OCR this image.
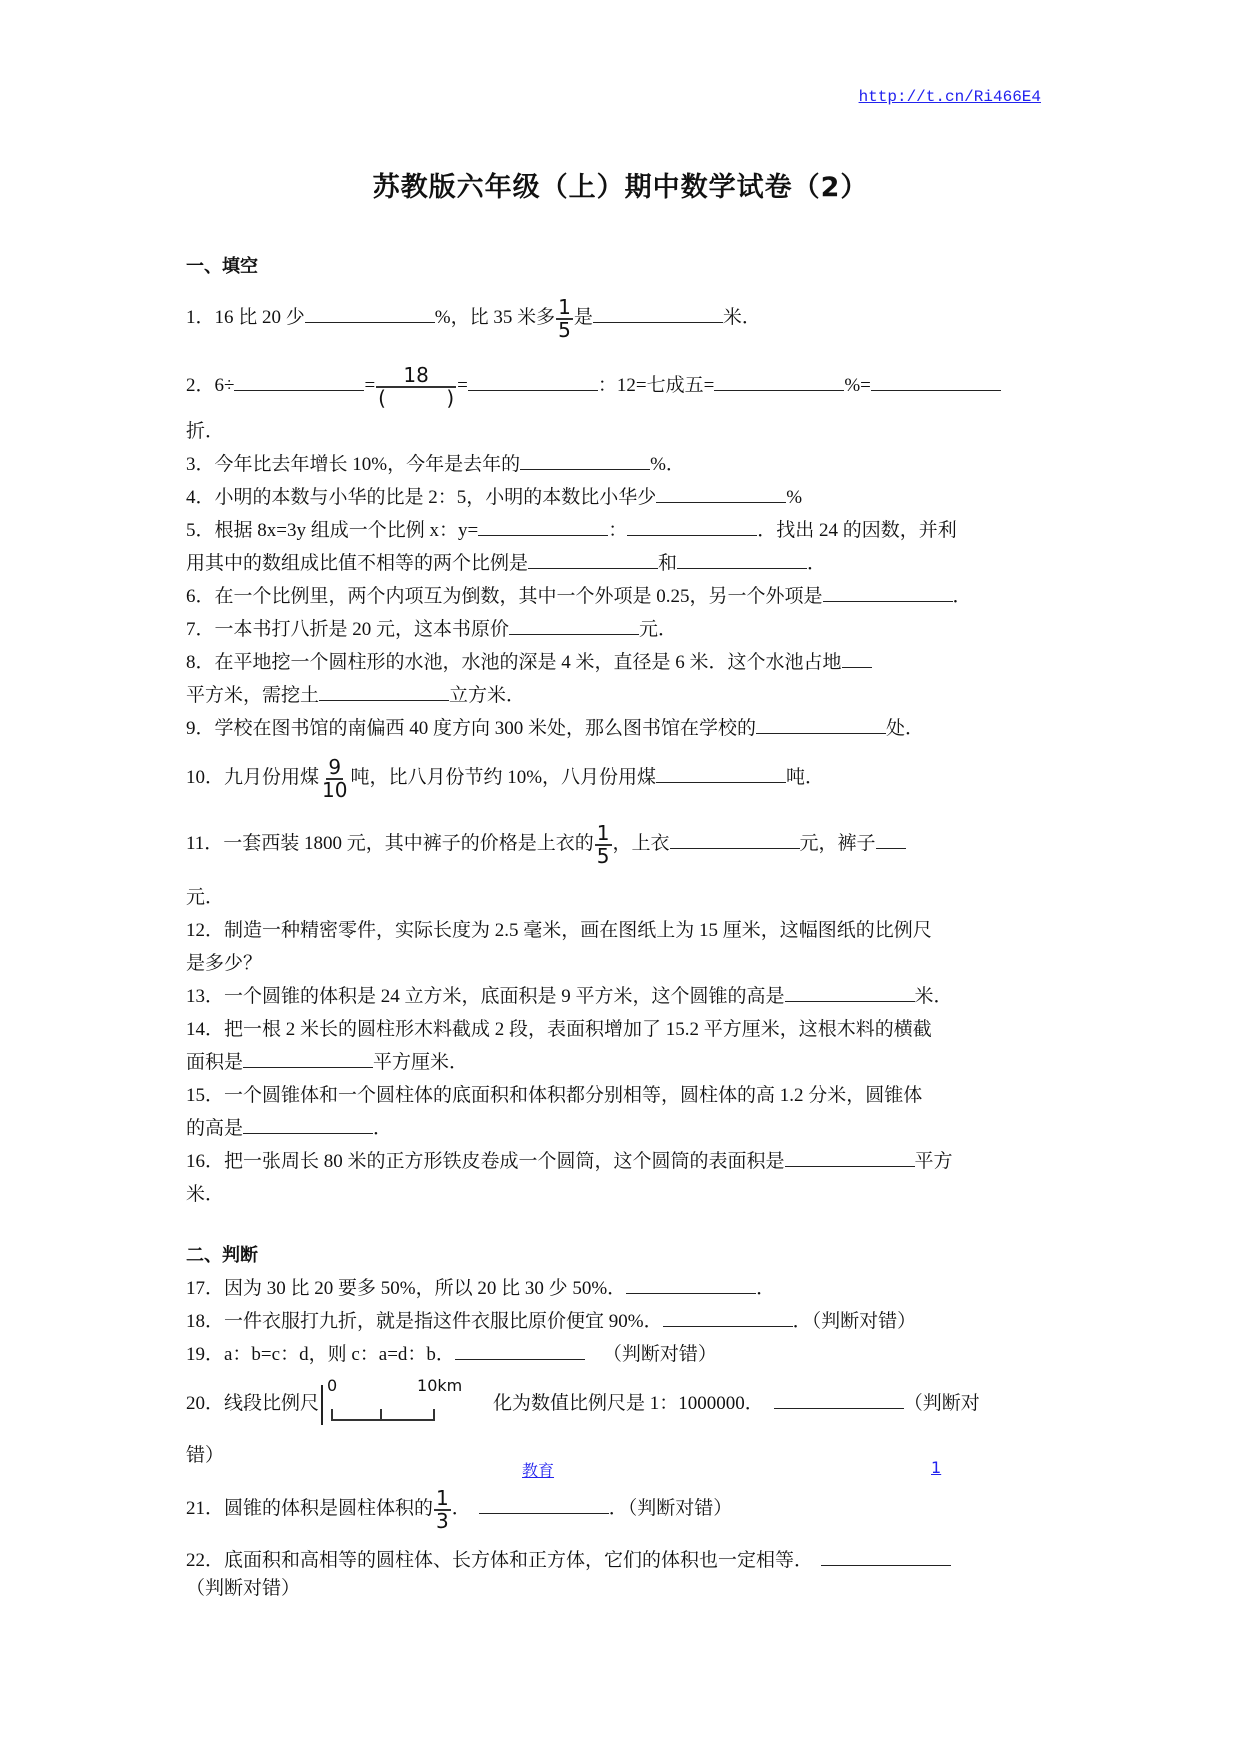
http://t.cn/Ri466E4
苏教版六年级（上）期中数学试卷（2）
一、填空
1．16 比 20 少	%，比 35 米多 $\frac{1}{5}$ 是	米．
2．6÷	= 18
(	) =	：12=七成五=	%=
折．
3．今年比去年增长 10%，今年是去年的	%．
4．小明的本数与小华的比是 2：5，小明的本数比小华少	%
5．根据 8x=3y 组成一个比例 x：y=	：	．找出 24 的因数，并利
用其中的数组成比值不相等的两个比例是	和	．
6．在一个比例里，两个内项互为倒数，其中一个外项是 0.25，另一个外项是	．
7．一本书打八折是 20 元，这本书原价	元．
8．在平地挖一个圆柱形的水池，水池的深是 4 米，直径是 6 米．这个水池占地
平方米，需挖土	立方米．
9．学校在图书馆的南偏西 40 度方向 300 米处，那么图书馆在学校的	处．
10．九月份用煤 $\frac{9}{10}$ 吨，比八月份节约 10%，八月份用煤	吨．
11．一套西装 1800 元，其中裤子的价格是上衣的 $\frac{1}{5}$ ，上衣	元，裤子
元．
12．制造一种精密零件，实际长度为 2.5 毫米，画在图纸上为 15 厘米，这幅图纸的比例尺
是多少？
13．一个圆锥的体积是 24 立方米，底面积是 9 平方米，这个圆锥的高是	米．
14．把一根 2 米长的圆柱形木料截成 2 段，表面积增加了 15.2 平方厘米，这根木料的横截
面积是	平方厘米．
15．一个圆锥体和一个圆柱体的底面积和体积都分别相等，圆柱体的高 1.2 分米，圆锥体
的高是	．
16．把一张周长 80 米的正方形铁皮卷成一个圆筒，这个圆筒的表面积是	平方
米．
二、判断
17．因为 30 比 20 要多 50%，所以 20 比 30 少 50%．	．
18．一件衣服打九折，就是指这件衣服比原价便宜 90%．	．（判断对错）
19．a：b=c：d，则 c：a=d：b．	（判断对错）
20．线段比例尺
0	10km
化为数值比例尺是 1：1000000．	（判断对
错）
21．圆锥的体积是圆柱体积的 $\frac{1}{3}$ ．	．（判断对错）
22．底面积和高相等的圆柱体、长方体和正方体，它们的体积也一定相等．
（判断对错）
教育	1
